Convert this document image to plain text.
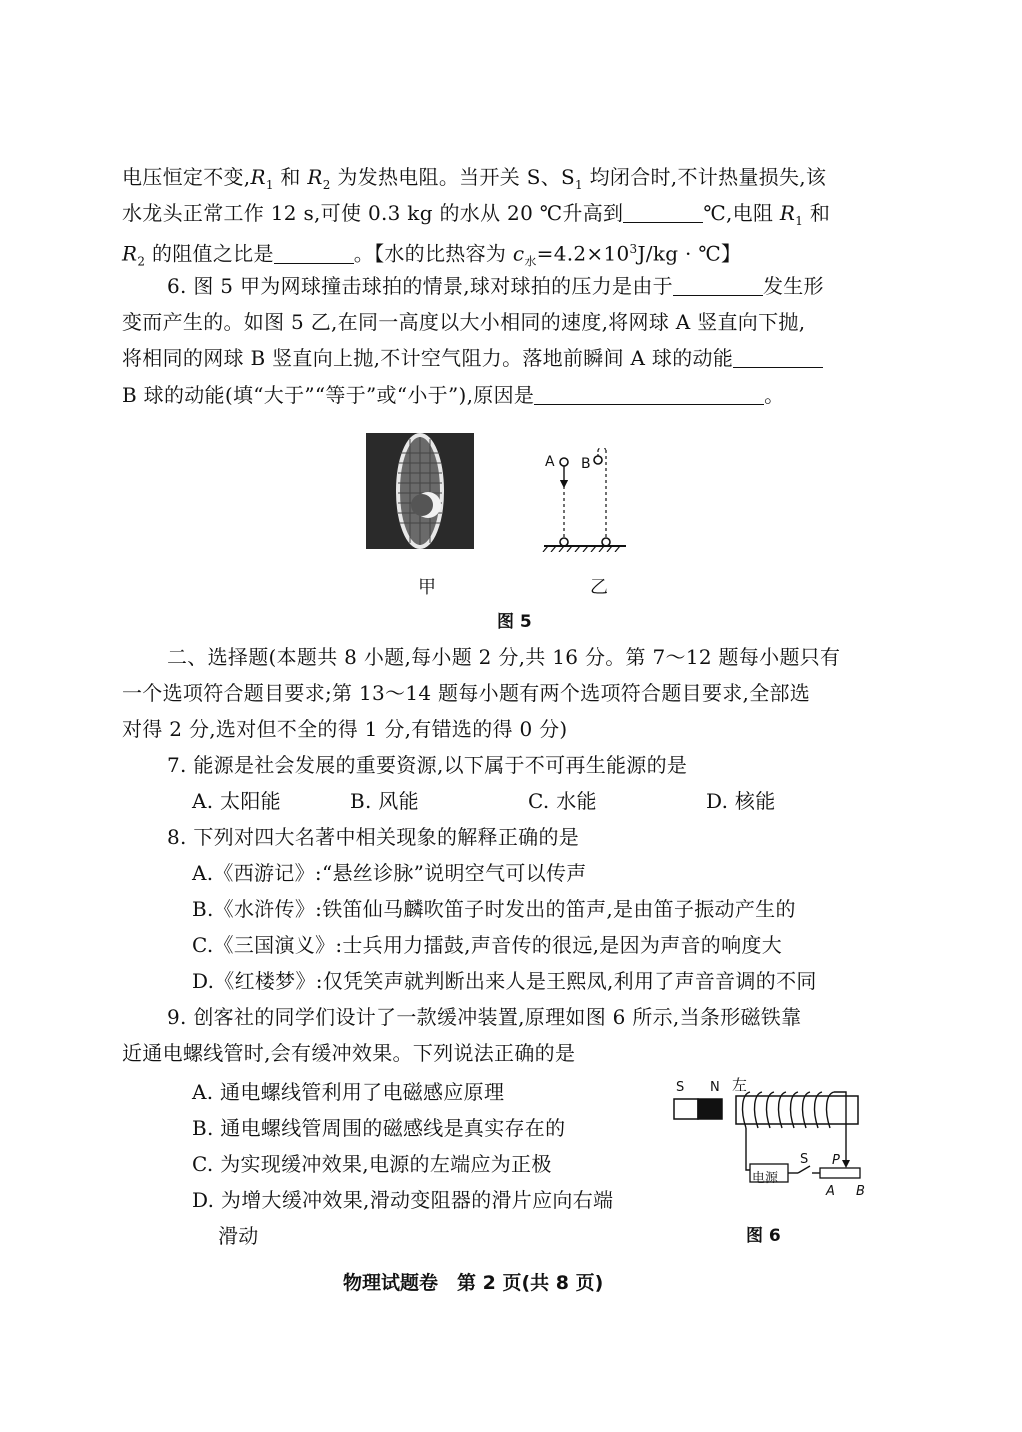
电压恒定不变$,R_1$ 和 $R_2$ 为发热电阻。当开关 S、$S_1$ 均闭合时,不计热量损失,该
水龙头正常工作 12 s,可使 0.3 kg 的水从 20 ℃升高到	℃,电阻 $R_1$ 和
$R_2$ 的阻值之比是	。【水的比热容为 $c_水=4.2\times 10^3J/kg$ · ℃】
6. 图 5 甲为网球撞击球拍的情景,球对球拍的压力是由于	发生形
变而产生的。如图 5 乙,在同一高度以大小相同的速度,将网球 A 竖直向下抛,
将相同的网球 B 竖直向上抛,不计空气阻力。落地前瞬间 A 球的动能
B 球的动能(填“大于”“等于”或“小于”),原因是	。
A B
甲	乙
图 5
二、选择题(本题共 8 小题,每小题 2 分,共 16 分。第 7～12 题每小题只有
一个选项符合题目要求;第 13～14 题每小题有两个选项符合题目要求,全部选
对得 2 分,选对但不全的得 1 分,有错选的得 0 分)
7. 能源是社会发展的重要资源,以下属于不可再生能源的是
A. 太阳能	B. 风能	C. 水能	D. 核能
8. 下列对四大名著中相关现象的解释正确的是
A.《西游记》:“悬丝诊脉”说明空气可以传声
B.《水浒传》:铁笛仙马麟吹笛子时发出的笛声,是由笛子振动产生的
C.《三国演义》:士兵用力擂鼓,声音传的很远,是因为声音的响度大
D.《红楼梦》:仅凭笑声就判断出来人是王熙凤,利用了声音音调的不同
9. 创客社的同学们设计了一款缓冲装置,原理如图 6 所示,当条形磁铁靠
近通电螺线管时,会有缓冲效果。下列说法正确的是
A. 通电螺线管利用了电磁感应原理
B. 通电螺线管周围的磁感线是真实存在的
C. 为实现缓冲效果,电源的左端应为正极
D. 为增大缓冲效果,滑动变阻器的滑片应向右端
滑动
S N 左
电源
S P
A B
图 6
物理试题卷　第 2 页(共 8 页)
